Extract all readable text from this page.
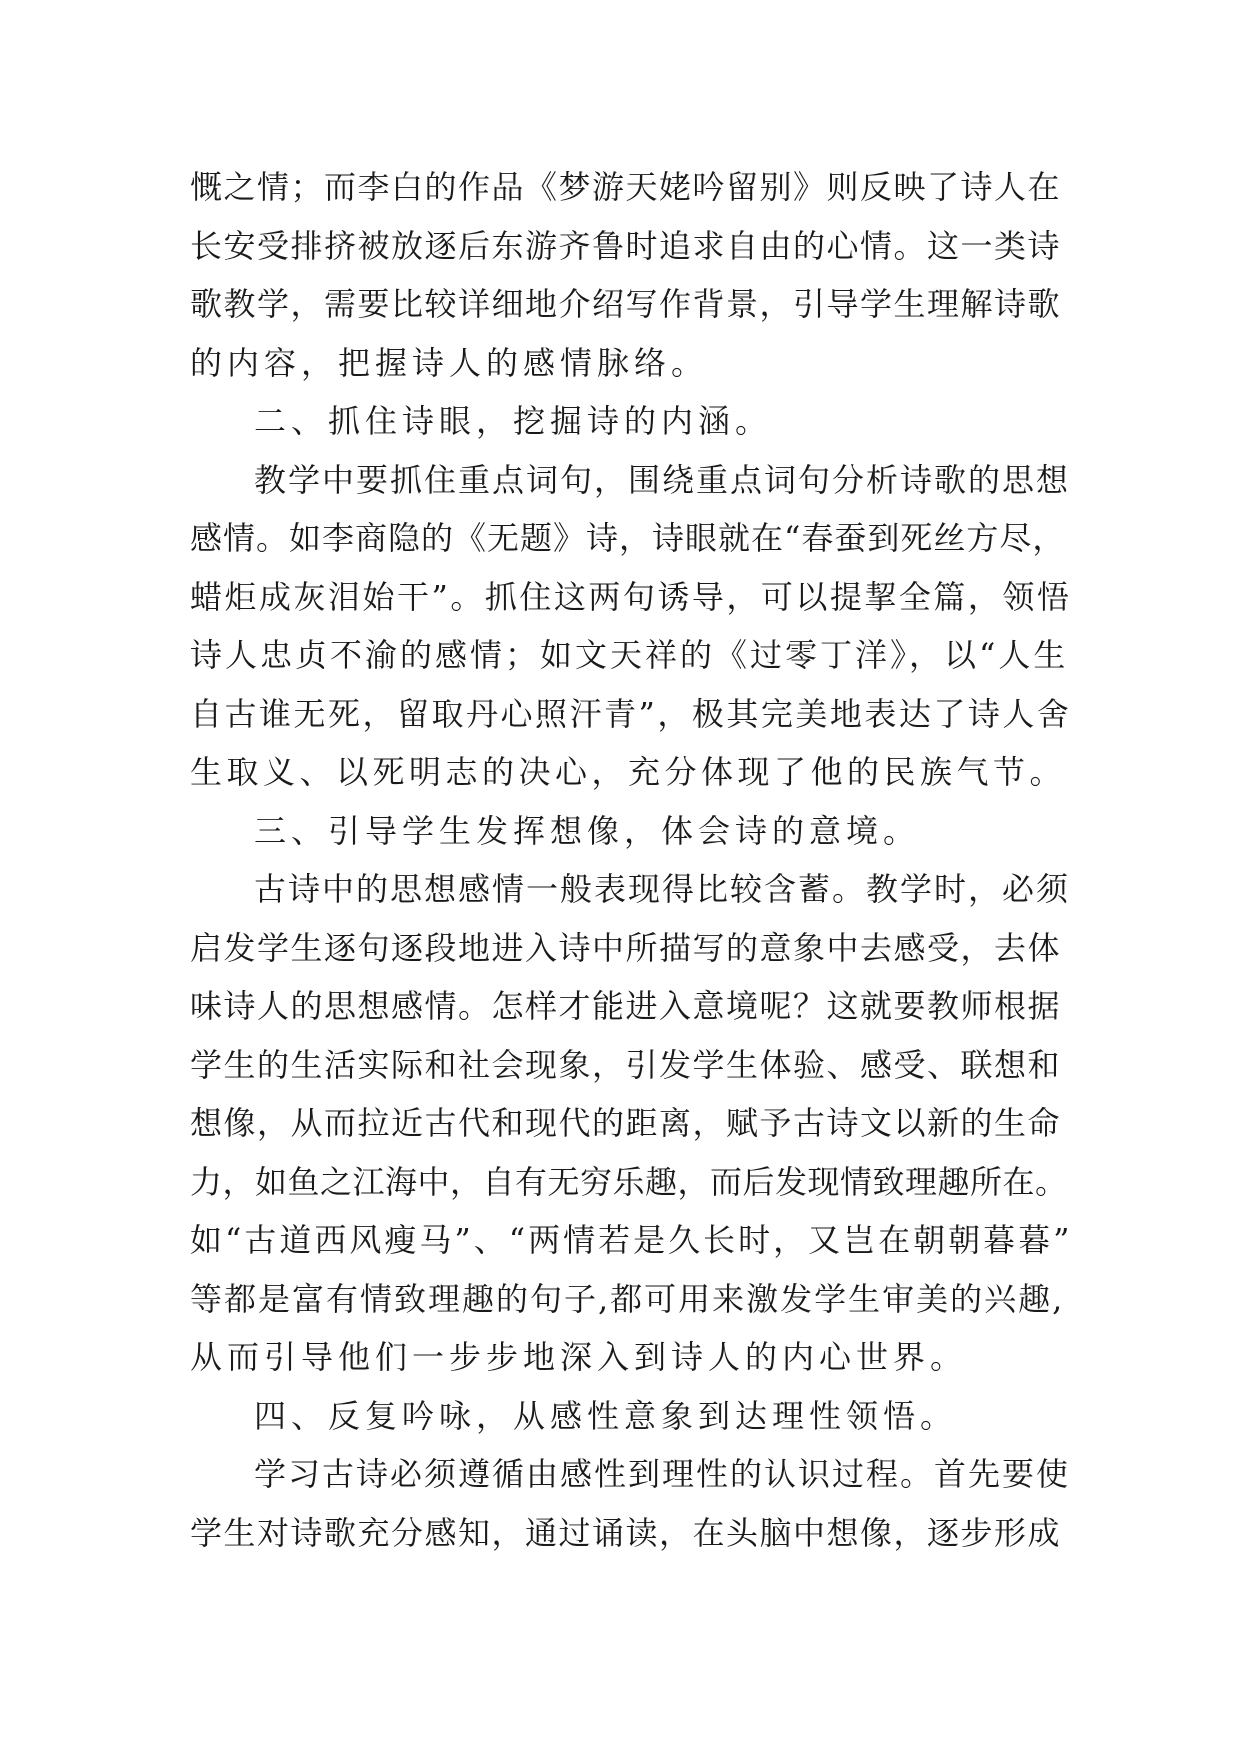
慨之情；而李白的作品《梦游天姥吟留别》则反映了诗人在
长安受排挤被放逐后东游齐鲁时追求自由的心情。这一类诗
歌教学，需要比较详细地介绍写作背景，引导学生理解诗歌
的内容，把握诗人的感情脉络。
二、抓住诗眼，挖掘诗的内涵。
教学中要抓住重点词句，围绕重点词句分析诗歌的思想
感情。如李商隐的《无题》诗，诗眼就在“春蚕到死丝方尽，
蜡炬成灰泪始干”。抓住这两句诱导，可以提挈全篇，领悟
诗人忠贞不渝的感情；如文天祥的《过零丁洋》，以“人生
自古谁无死，留取丹心照汗青”，极其完美地表达了诗人舍
生取义、以死明志的决心，充分体现了他的民族气节。
三、引导学生发挥想像，体会诗的意境。
古诗中的思想感情一般表现得比较含蓄。教学时，必须
启发学生逐句逐段地进入诗中所描写的意象中去感受，去体
味诗人的思想感情。怎样才能进入意境呢？这就要教师根据
学生的生活实际和社会现象，引发学生体验、感受、联想和
想像，从而拉近古代和现代的距离，赋予古诗文以新的生命
力，如鱼之江海中，自有无穷乐趣，而后发现情致理趣所在。
如“古道西风瘦马”、“两情若是久长时，又岂在朝朝暮暮”
等都是富有情致理趣的句子,都可用来激发学生审美的兴趣,
从而引导他们一步步地深入到诗人的内心世界。
四、反复吟咏，从感性意象到达理性领悟。
学习古诗必须遵循由感性到理性的认识过程。首先要使
学生对诗歌充分感知，通过诵读，在头脑中想像，逐步形成
